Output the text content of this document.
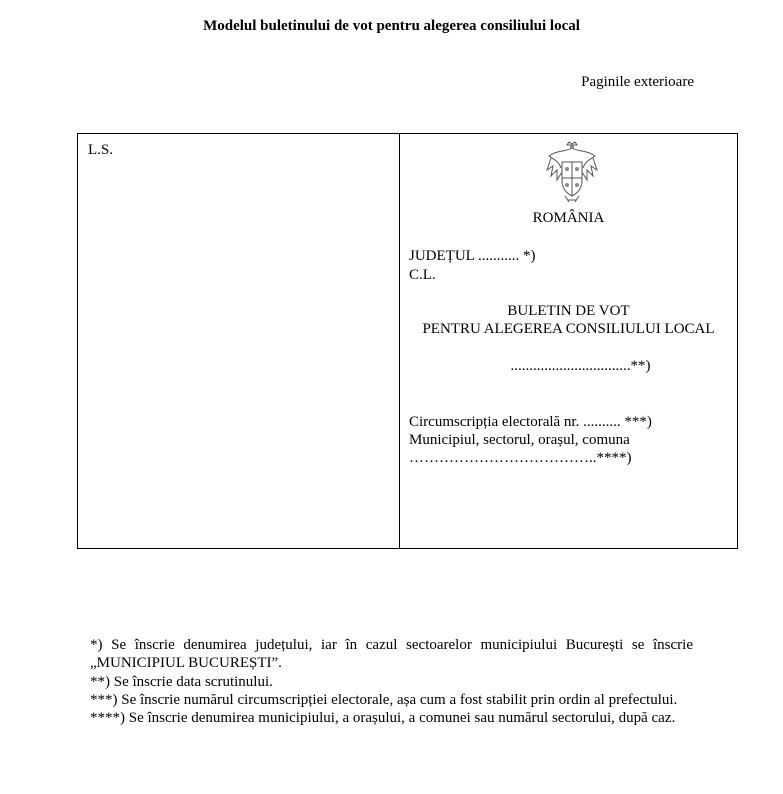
Modelul buletinului de vot pentru alegerea consiliului local
Paginile exterioare
L.S.
ROMÂNIA
JUDEȚUL ........... *)
C.L.
BULETIN DE VOT
PENTRU ALEGEREA CONSILIULUI LOCAL
................................**)
Circumscripția electorală nr. .......... ***)
Municipiul, sectorul, orașul, comuna
………………………………..****)
*) Se înscrie denumirea județului, iar în cazul sectoarelor municipiului București se înscrie „MUNICIPIUL BUCUREȘTI”.
**) Se înscrie data scrutinului.
***) Se înscrie numărul circumscripției electorale, așa cum a fost stabilit prin ordin al prefectului.
****) Se înscrie denumirea municipiului, a orașului, a comunei sau numărul sectorului, după caz.
